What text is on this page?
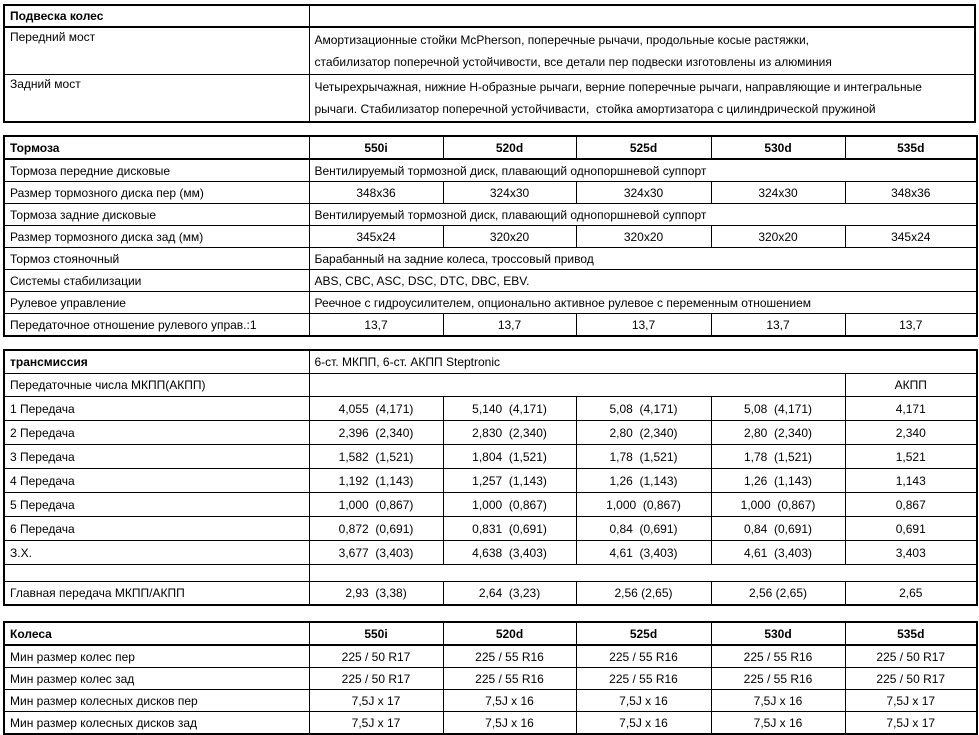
Подвеска колес	
Передний мост	Амортизационные стойки McPherson, поперечные рычачи, продольные косые растяжки,
стабилизатор поперечной устойчивости, все детали пер подвески изготовлены из алюминия

Задний мост	Четырехрычажная, нижние Н-образные рычаги, верние поперечные рычаги, направляющие и интегральные
рычаги. Стабилизатор поперечной устойчивасти,  стойка амортизатора с цилиндрической пружиной
Тормоза	550i	520d	525d	530d	535d
Тормоза передние дисковые	Вентилируемый тормозной диск, плавающий однопоршневой суппорт				
Размер тормозного диска пер (мм)	348x36	324x30	324x30	324x30	348x36
Тормоза задние дисковые	Вентилируемый тормозной диск, плавающий однопоршневой суппорт				
Размер тормозного диска зад (мм)	345x24	320x20	320x20	320x20	345x24
Тормоз стояночный	Барабанный на задние колеса, троссовый привод				
Системы стабилизации	ABS, CBC, ASC, DSC, DTC, DBC, EBV.				
Рулевое управление	Реечное с гидроусилителем, опционально активное рулевое с переменным отношением				
Передаточное отношение рулевого управ.:1	13,7	13,7	13,7	13,7	13,7
трансмиссия	6-ст. МКПП, 6-ст. АКПП Steptronic				
Передаточные числа МКПП(АКПП)					АКПП
1 Передача	4,055  (4,171)	5,140  (4,171)	5,08  (4,171)	5,08  (4,171)	4,171
2 Передача	2,396  (2,340)	2,830  (2,340)	2,80  (2,340)	2,80  (2,340)	2,340
3 Передача	1,582  (1,521)	1,804  (1,521)	1,78  (1,521)	1,78  (1,521)	1,521
4 Передача	1,192  (1,143)	1,257  (1,143)	1,26  (1,143)	1,26  (1,143)	1,143
5 Передача	1,000  (0,867)	1,000  (0,867)	1,000  (0,867)	1,000  (0,867)	0,867
6 Передача	0,872  (0,691)	0,831  (0,691)	0,84  (0,691)	0,84  (0,691)	0,691
З.Х.	3,677  (3,403)	4,638  (3,403)	4,61  (3,403)	4,61  (3,403)	3,403

Главная передача МКПП/АКПП	2,93  (3,38)	2,64  (3,23)	2,56 (2,65)	2,56 (2,65)	2,65
Колеса	550i	520d	525d	530d	535d
Мин размер колес пер	225 / 50 R17	225 / 55 R16	225 / 55 R16	225 / 55 R16	225 / 50 R17
Мин размер колес зад	225 / 50 R17	225 / 55 R16	225 / 55 R16	225 / 55 R16	225 / 50 R17
Мин размер колесных дисков пер	7,5J x 17	7,5J x 16	7,5J x 16	7,5J x 16	7,5J x 17
Мин размер колесных дисков зад	7,5J x 17	7,5J x 16	7,5J x 16	7,5J x 16	7,5J x 17
